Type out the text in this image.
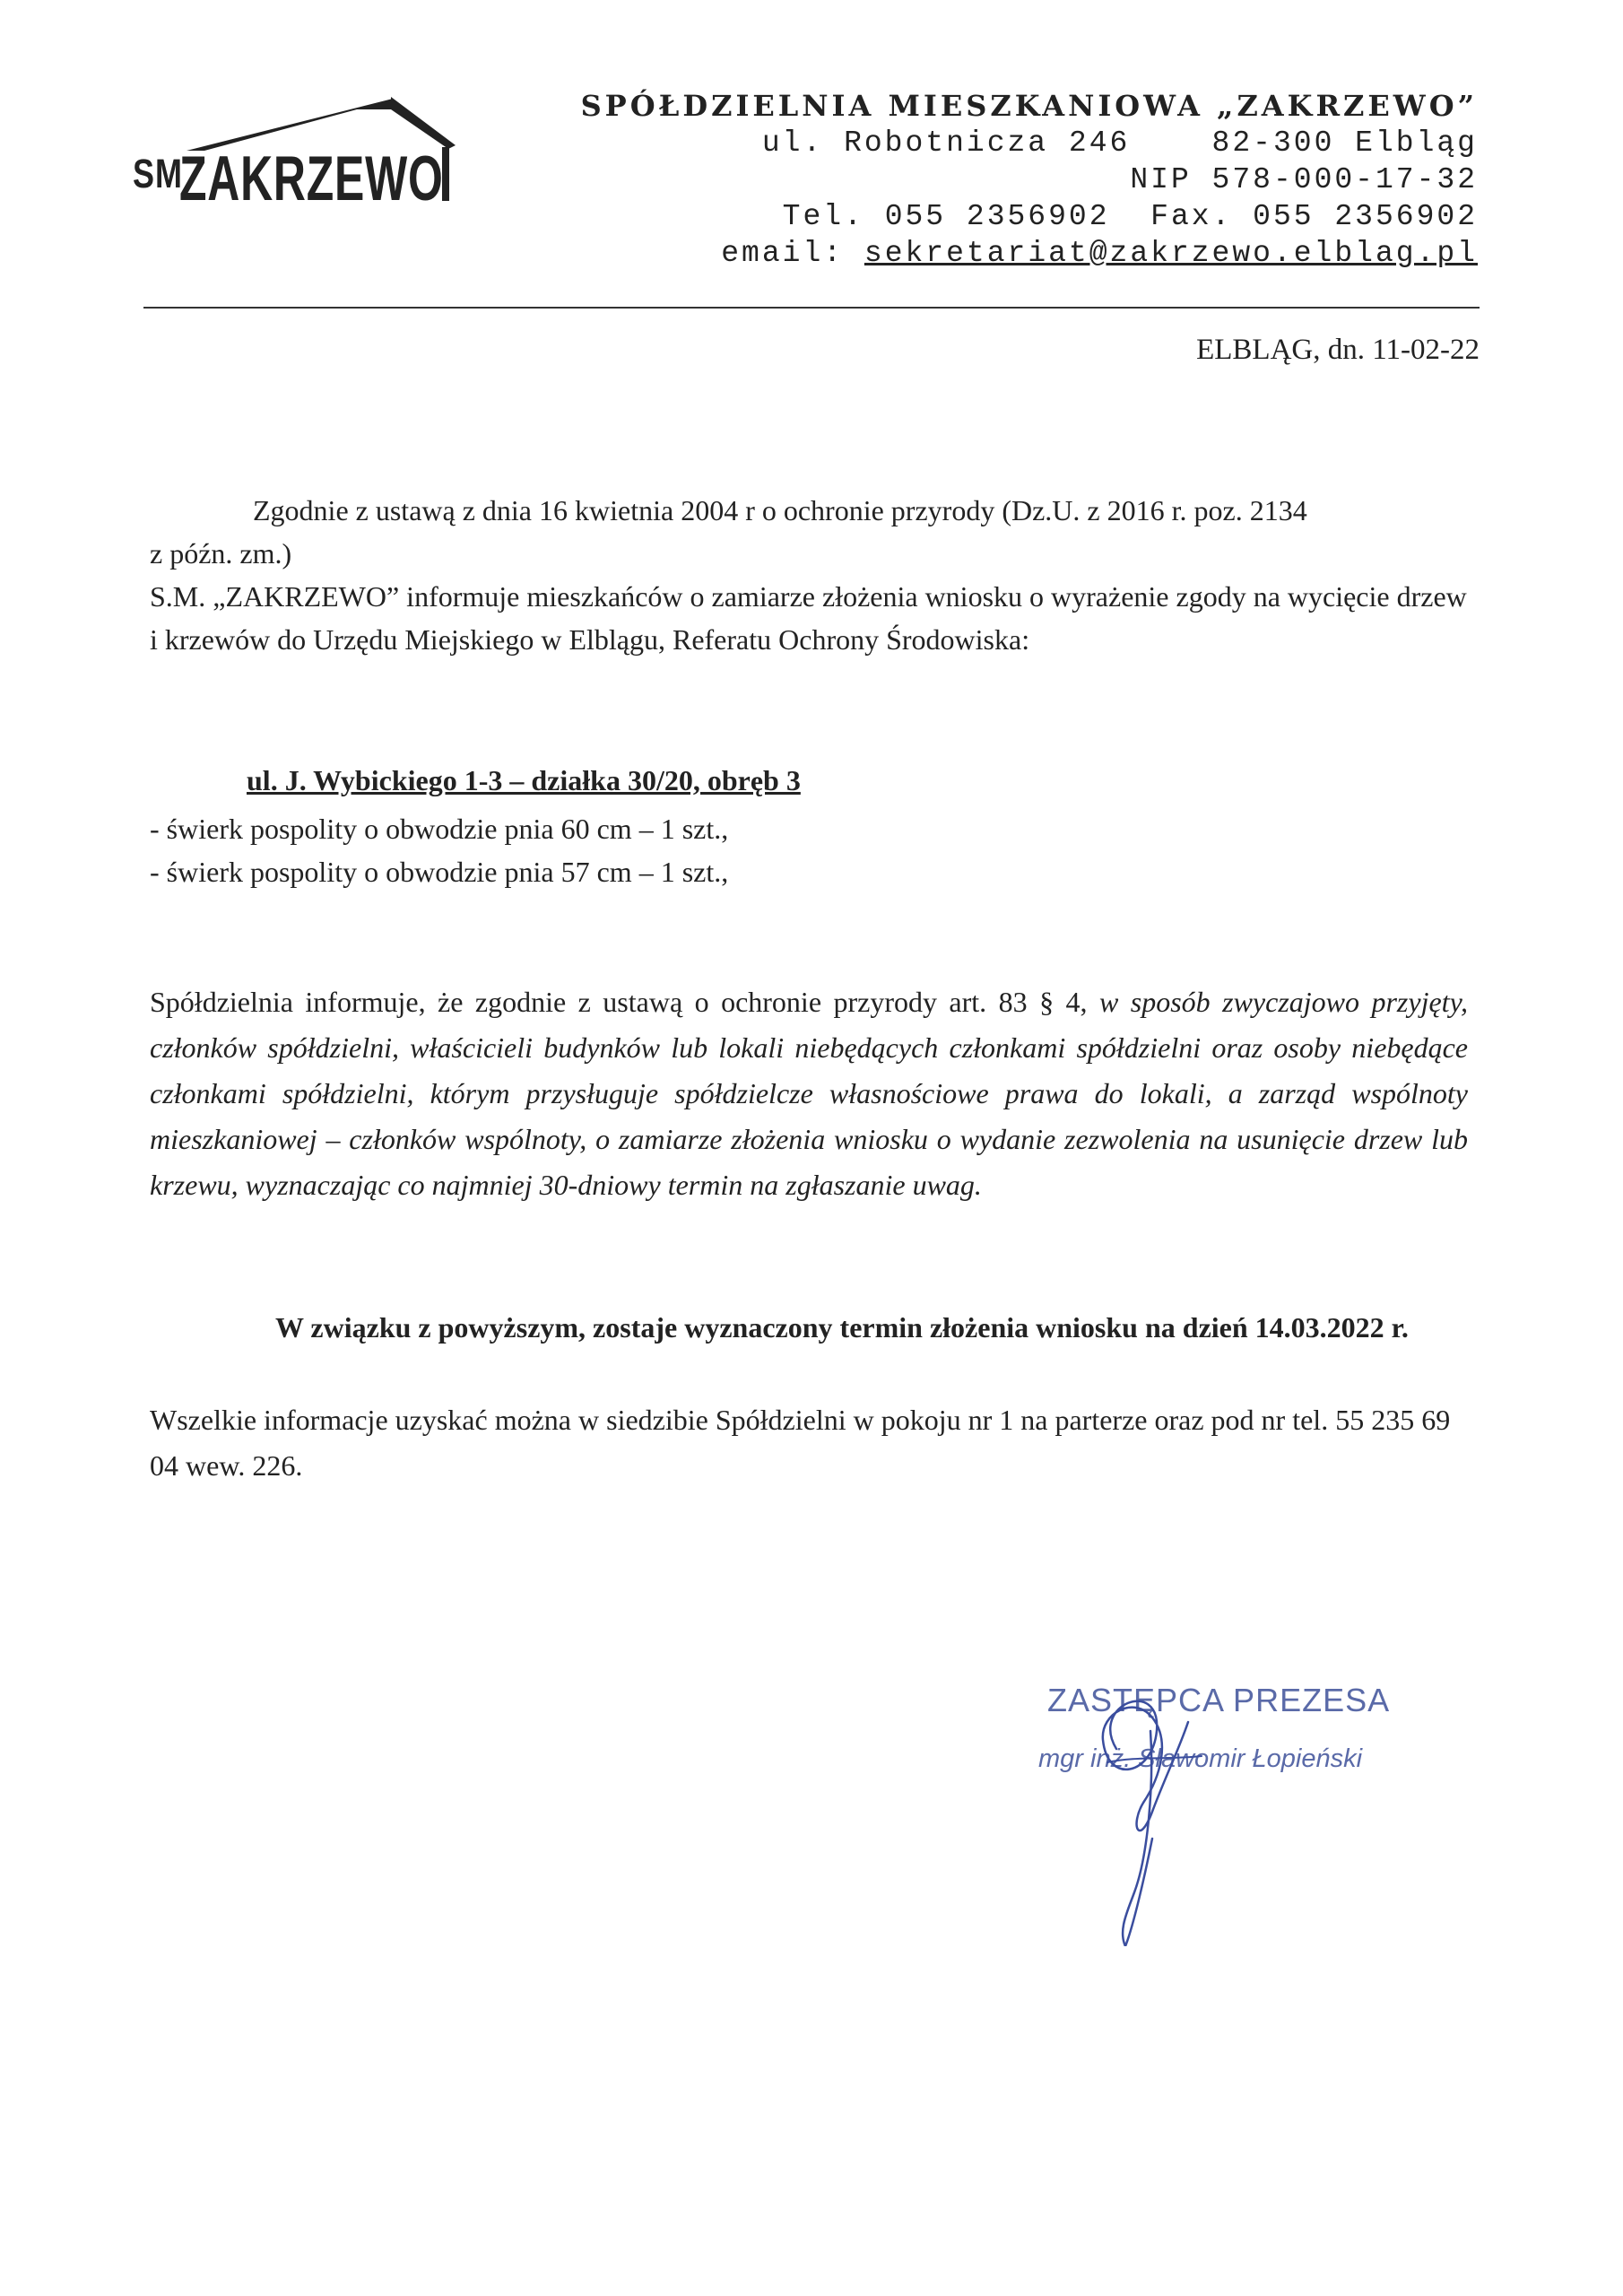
SM
ZAKRZEWO
SPÓŁDZIELNIA MIESZKANIOWA „ZAKRZEWO”
ul. Robotnicza 246	82-300 Elbląg
NIP 578-000-17-32
Tel. 055 2356902 Fax. 055 2356902
email: sekretariat@zakrzewo.elblag.pl
ELBLĄG, dn. 11-02-22
Zgodnie z ustawą z dnia 16 kwietnia 2004 r o ochronie przyrody (Dz.U. z 2016 r. poz. 2134
z późn. zm.)
S.M. „ZAKRZEWO” informuje mieszkańców o zamiarze złożenia wniosku o wyrażenie zgody na wycięcie drzew i krzewów do Urzędu Miejskiego w Elblągu, Referatu Ochrony Środowiska:
ul. J. Wybickiego 1-3 – działka 30/20, obręb 3
- świerk pospolity o obwodzie pnia 60 cm – 1 szt.,
- świerk pospolity o obwodzie pnia 57 cm – 1 szt.,
Spółdzielnia informuje, że zgodnie z ustawą o ochronie przyrody art. 83 § 4, w sposób zwyczajowo przyjęty, członków spółdzielni, właścicieli budynków lub lokali niebędących członkami spółdzielni oraz osoby niebędące członkami spółdzielni, którym przysługuje spółdzielcze własnościowe prawa do lokali, a zarząd wspólnoty mieszkaniowej – członków wspólnoty, o zamiarze złożenia wniosku o wydanie zezwolenia na usunięcie drzew lub krzewu, wyznaczając co najmniej 30-dniowy termin na zgłaszanie uwag.
W związku z powyższym, zostaje wyznaczony termin złożenia wniosku na dzień 14.03.2022 r.
Wszelkie informacje uzyskać można w siedzibie Spółdzielni w pokoju nr 1 na parterze oraz pod nr tel. 55 235 69 04 wew. 226.
ZASTĘPCA PREZESA
mgr inż. Sławomir Łopieński
